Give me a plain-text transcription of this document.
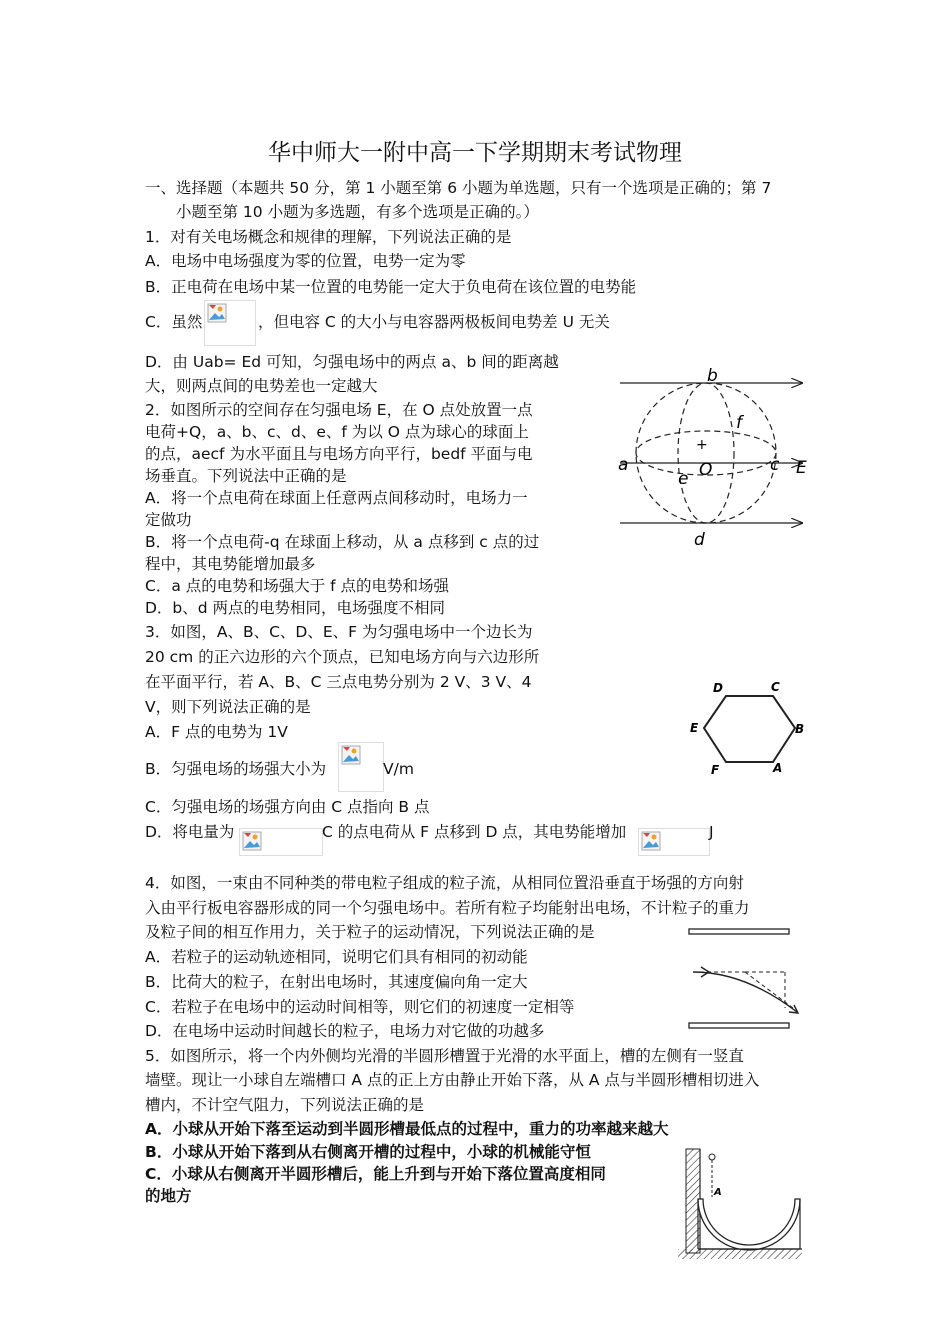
华中师大一附中高一下学期期末考试物理
一、选择题（本题共 50 分，第 1 小题至第 6 小题为单选题，只有一个选项是正确的；第 7
小题至第 10 小题为多选题，有多个选项是正确的。）
1．对有关电场概念和规律的理解，下列说法正确的是
A．电场中电场强度为零的位置，电势一定为零
B．正电荷在电场中某一位置的电势能一定大于负电荷在该位置的电势能
C．虽然	，但电容 C 的大小与电容器两极板间电势差 U 无关
D．由 Uab= Ed 可知，匀强电场中的两点 a、b 间的距离越
大，则两点间的电势差也一定越大
2．如图所示的空间存在匀强电场 E，在 O 点处放置一点
电荷+Q，a、b、c、d、e、f 为以 O 点为球心的球面上
的点，aecf 为水平面且与电场方向平行，bedf 平面与电
场垂直。下列说法中正确的是
A．将一个点电荷在球面上任意两点间移动时，电场力一
定做功
B．将一个点电荷-q 在球面上移动，从 a 点移到 c 点的过
程中，其电势能增加最多
C．a 点的电势和场强大于 f 点的电势和场强
D．b、d 两点的电势相同，电场强度不相同
b
f
a
+
e O	c E
d
3．如图，A、B、C、D、E、F 为匀强电场中一个边长为
20 cm 的正六边形的六个顶点，已知电场方向与六边形所
在平面平行，若 A、B、C 三点电势分别为 2 V、3 V、4
V，则下列说法正确的是
A．F 点的电势为 1V
B．匀强电场的场强大小为	V/m
C．匀强电场的场强方向由 C 点指向 B 点
D．将电量为	C 的点电荷从 F 点移到 D 点，其电势能增加	J
D	C
E	B
F	A
4．如图，一束由不同种类的带电粒子组成的粒子流，从相同位置沿垂直于场强的方向射
入由平行板电容器形成的同一个匀强电场中。若所有粒子均能射出电场，不计粒子的重力
及粒子间的相互作用力，关于粒子的运动情况，下列说法正确的是
A．若粒子的运动轨迹相同，说明它们具有相同的初动能
B．比荷大的粒子，在射出电场时，其速度偏向角一定大
C．若粒子在电场中的运动时间相等，则它们的初速度一定相等
D．在电场中运动时间越长的粒子，电场力对它做的功越多
5．如图所示，将一个内外侧均光滑的半圆形槽置于光滑的水平面上，槽的左侧有一竖直
墙壁。现让一小球自左端槽口 A 点的正上方由静止开始下落，从 A 点与半圆形槽相切进入
槽内，不计空气阻力，下列说法正确的是
A．小球从开始下落至运动到半圆形槽最低点的过程中，重力的功率越来越大
B．小球从开始下落到从右侧离开槽的过程中，小球的机械能守恒
C．小球从右侧离开半圆形槽后，能上升到与开始下落位置高度相同
的地方	A
